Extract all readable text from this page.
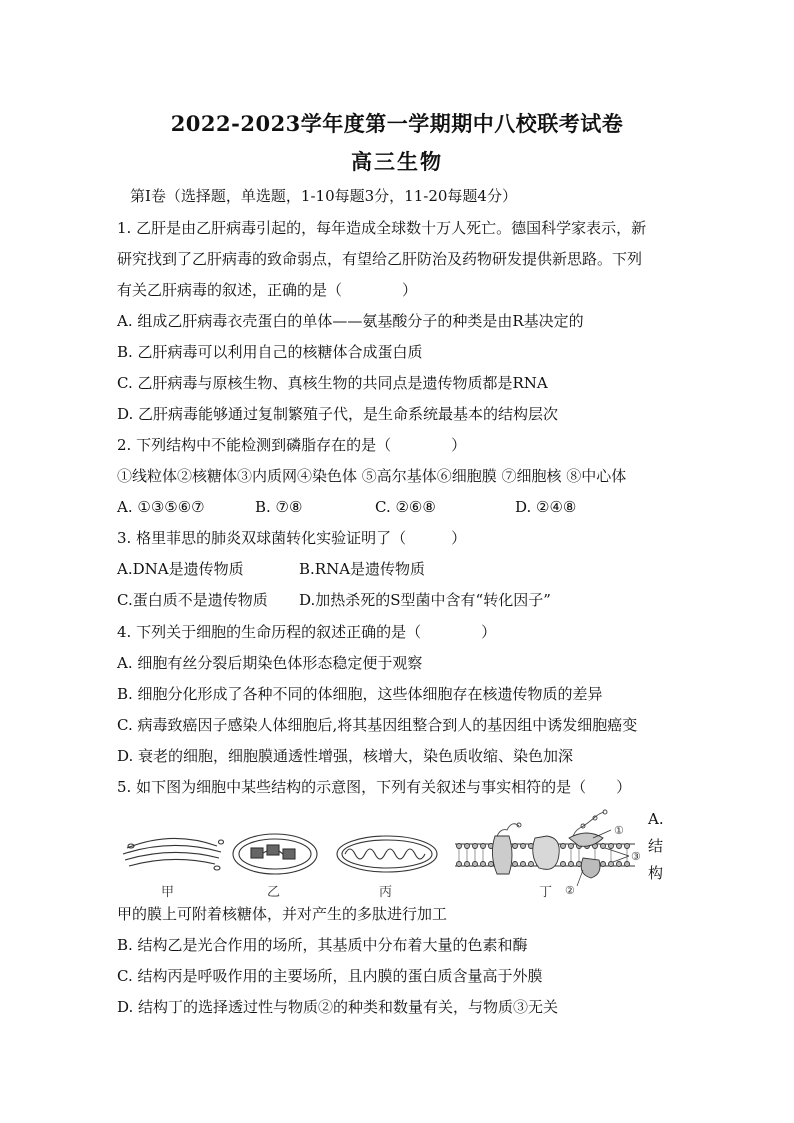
2022-2023学年度第一学期期中八校联考试卷
高三生物
第Ⅰ卷（选择题，单选题，1-10每题3分，11-20每题4分）
1. 乙肝是由乙肝病毒引起的，每年造成全球数十万人死亡。德国科学家表示，新
研究找到了乙肝病毒的致命弱点，有望给乙肝防治及药物研发提供新思路。下列
有关乙肝病毒的叙述，正确的是（　　　　）
A. 组成乙肝病毒衣壳蛋白的单体——氨基酸分子的种类是由R基决定的
B. 乙肝病毒可以利用自己的核糖体合成蛋白质
C. 乙肝病毒与原核生物、真核生物的共同点是遗传物质都是RNA
D. 乙肝病毒能够通过复制繁殖子代，是生命系统最基本的结构层次
2. 下列结构中不能检测到磷脂存在的是（　　　　）
①线粒体②核糖体③内质网④染色体 ⑤高尔基体⑥细胞膜 ⑦细胞核 ⑧中心体
A. ①③⑤⑥⑦	B. ⑦⑧	C. ②⑥⑧	D. ②④⑧
3. 格里菲思的肺炎双球菌转化实验证明了（　　　）
A.DNA是遗传物质	B.RNA是遗传物质
C.蛋白质不是遗传物质 D.加热杀死的S型菌中含有“转化因子”
4. 下列关于细胞的生命历程的叙述正确的是（　　　　）
A. 细胞有丝分裂后期染色体形态稳定便于观察
B. 细胞分化形成了各种不同的体细胞，这些体细胞存在核遗传物质的差异
C. 病毒致癌因子感染人体细胞后,将其基因组整合到人的基因组中诱发细胞癌变
D. 衰老的细胞，细胞膜通透性增强，核增大，染色质收缩、染色加深
5. 如下图为细胞中某些结构的示意图，下列有关叙述与事实相符的是（　　）
①
②
③
甲	乙	丙	丁
A.
结
构
甲的膜上可附着核糖体，并对产生的多肽进行加工
B. 结构乙是光合作用的场所，其基质中分布着大量的色素和酶
C. 结构丙是呼吸作用的主要场所，且内膜的蛋白质含量高于外膜
D. 结构丁的选择透过性与物质②的种类和数量有关，与物质③无关
